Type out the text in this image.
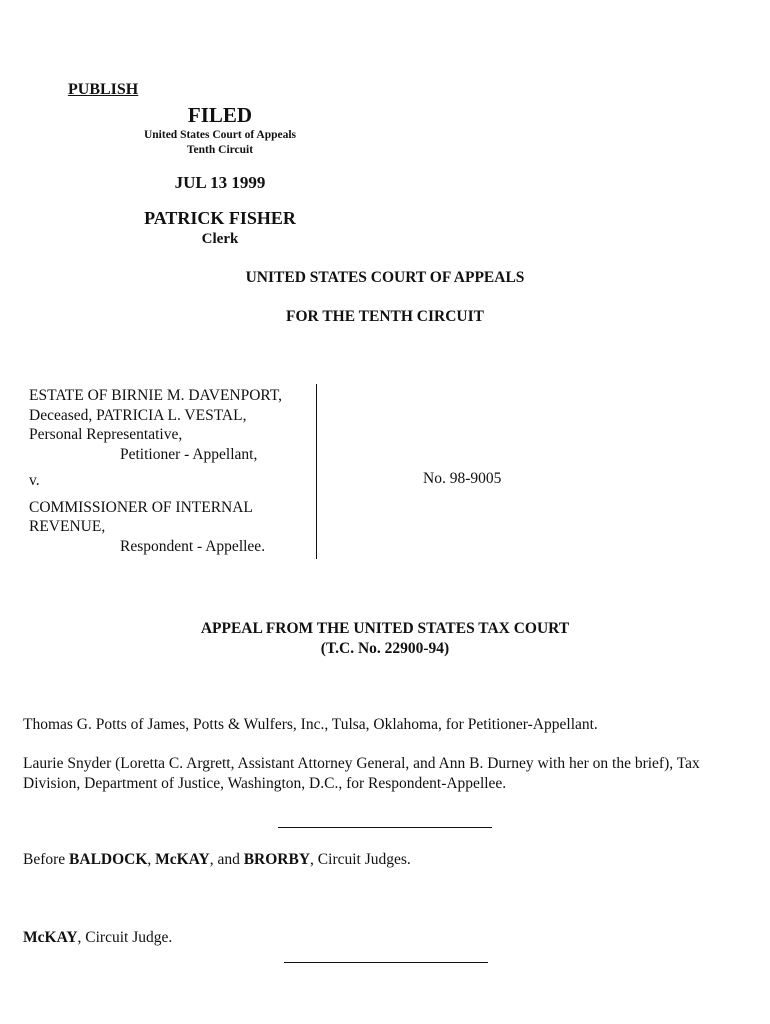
PUBLISH
FILED
United States Court of Appeals
Tenth Circuit
JUL 13 1999
PATRICK FISHER
Clerk
UNITED STATES COURT OF APPEALS
FOR THE TENTH CIRCUIT
ESTATE OF BIRNIE M. DAVENPORT,
Deceased, PATRICIA L. VESTAL,
Personal Representative,
Petitioner - Appellant,
v.
COMMISSIONER OF INTERNAL
REVENUE,
Respondent - Appellee.
No. 98-9005
APPEAL FROM THE UNITED STATES TAX COURT
(T.C. No. 22900-94)
Thomas G. Potts of James, Potts & Wulfers, Inc., Tulsa, Oklahoma, for Petitioner-Appellant.
Laurie Snyder (Loretta C. Argrett, Assistant Attorney General, and Ann B. Durney with her on the brief), Tax Division, Department of Justice, Washington, D.C., for Respondent-Appellee.
Before BALDOCK, McKAY, and BRORBY, Circuit Judges.
McKAY, Circuit Judge.
